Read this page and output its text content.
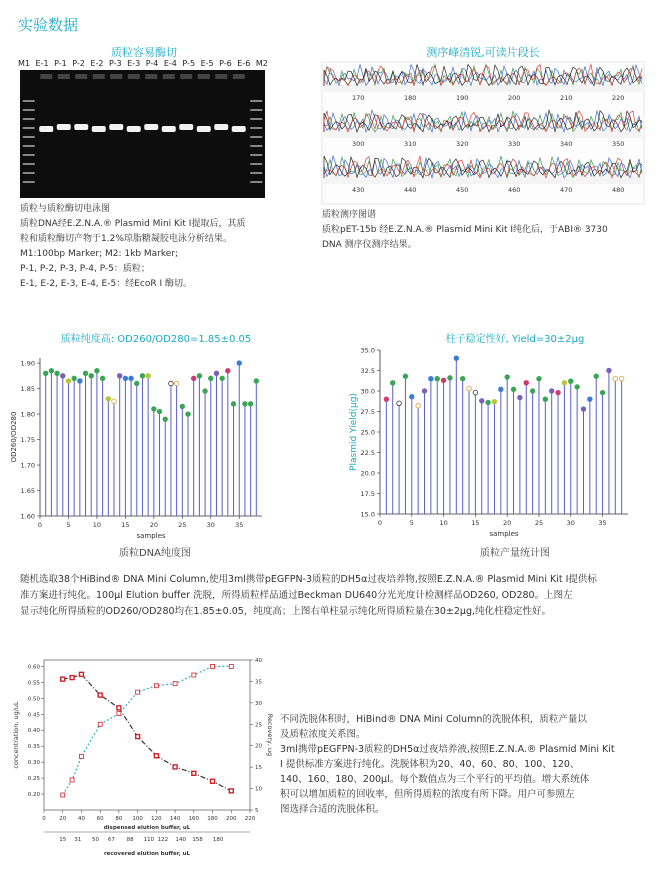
实验数据
质粒容易酶切
M1 E-1 P-1 P-2 E-2 P-3 E-3 P-4 E-4 P-5 E-5 P-6 E-6 M2
质粒与质粒酶切电泳图
质粒DNA经E.Z.N.A.® Plasmid Mini Kit I提取后，其质
粒和质粒酶切产物于1.2%琼脂糖凝胶电泳分析结果。
M1:100bp Marker; M2: 1kb Marker;
P-1, P-2, P-3, P-4, P-5：质粒；
E-1, E-2, E-3, E-4, E-5：经EcoR I 酶切。
测序峰清锐,可读片段长
170	180	190	200	210	220
300	310	320	330	340	350
430	440	450	460	470	480
质粒测序图谱
质粒pET-15b 经E.Z.N.A.® Plasmid Mini Kit I纯化后，于ABI® 3730
DNA 测序仪测序结果。
质粒纯度高: OD260/OD280=1.85±0.05
1.60
1.65
1.70
1.75
1.80
1.85
1.90
0	5	10	15	20	25	30	35
samples
OD260/OD280
质粒DNA纯度图
柱子稳定性好, Yield=30±2μg
15.0
17.5
20.0
22.5
25.0
27.5
30.0
32.5
35.0
0	5	10	15	20	25	30	35
samples
Plasmid Yield(μg)
质粒产量统计图
随机选取38个HiBind® DNA Mini Column,使用3ml携带pEGFPN-3质粒的DH5α过夜培养物,按照E.Z.N.A.® Plasmid Mini Kit I提供标
准方案进行纯化。100μl Elution buffer 洗脱，所得质粒样品通过Beckman DU640分光光度计检测样品OD260, OD280。上图左
显示纯化所得质粒的OD260/OD280均在1.85±0.05，纯度高；上图右单柱显示纯化所得质粒量在30±2μg,纯化柱稳定性好。
0.20
0.25
0.30
0.35
0.40
0.45
0.50
0.55
0.60
5
10
15
20
25
30
35
40
0 20 40 60 80 100 120 140 160 180 200 220
dispensed elution buffer, uL
15 31 50 67 88 110 122 140 158 180
recovered elution buffer, uL
concentration, ug/uL	Recovery, ug 不同洗脱体积时，HiBind® DNA Mini Column的洗脱体积，质粒产量以
及质粒浓度关系图。
3ml携带pEGFPN-3质粒的DH5α过夜培养液,按照E.Z.N.A.® Plasmid Mini Kit
I 提供标准方案进行纯化。洗脱体积为20、40、60、80、100、120、
140、160、180、200μl。每个数值点为三个平行的平均值。增大系统体
积可以增加质粒的回收率，但所得质粒的浓度有所下降。用户可参照左
图选择合适的洗脱体积。
